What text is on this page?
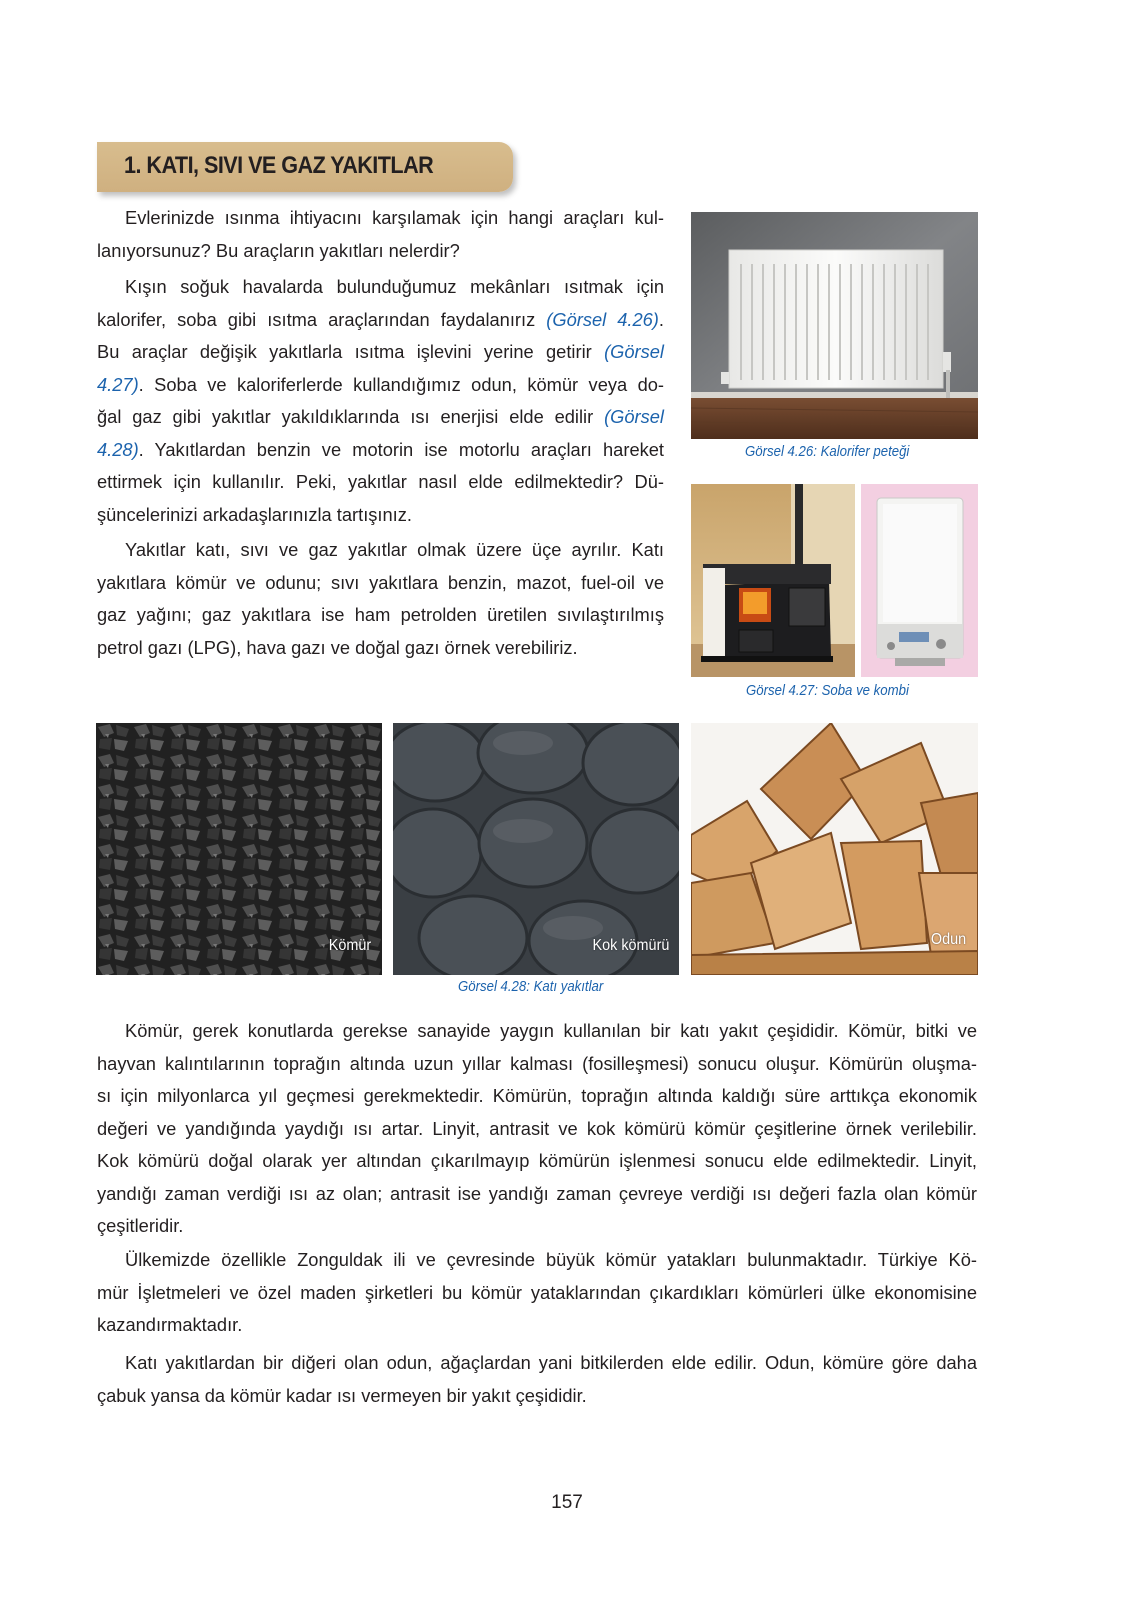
1. KATI, SIVI VE GAZ YAKITLAR

Evlerinizde ısınma ihtiyacını karşılamak için hangi araçları kul-
lanıyorsunuz? Bu araçların yakıtları nelerdir?

Kışın soğuk havalarda bulunduğumuz mekânları ısıtmak için
kalorifer, soba gibi ısıtma araçlarından faydalanırız (Görsel 4.26).
Bu araçlar değişik yakıtlarla ısıtma işlevini yerine getirir (Görsel
4.27). Soba ve kaloriferlerde kullandığımız odun, kömür veya do-
ğal gaz gibi yakıtlar yakıldıklarında ısı enerjisi elde edilir (Görsel
4.28). Yakıtlardan benzin ve motorin ise motorlu araçları hareket
ettirmek için kullanılır. Peki, yakıtlar nasıl elde edilmektedir? Dü-
şüncelerinizi arkadaşlarınızla tartışınız.

Yakıtlar katı, sıvı ve gaz yakıtlar olmak üzere üçe ayrılır. Katı
yakıtlara kömür ve odunu; sıvı yakıtlara benzin, mazot, fuel-oil ve
gaz yağını; gaz yakıtlara ise ham petrolden üretilen sıvılaştırılmış
petrol gazı (LPG), hava gazı ve doğal gazı örnek verebiliriz.

Görsel 4.26: Kalorifer peteği
Görsel 4.27: Soba ve kombi
Kömür	Kok kömürü	Odun
Görsel 4.28: Katı yakıtlar

Kömür, gerek konutlarda gerekse sanayide yaygın kullanılan bir katı yakıt çeşididir. Kömür, bitki ve
hayvan kalıntılarının toprağın altında uzun yıllar kalması (fosilleşmesi) sonucu oluşur. Kömürün oluşma-
sı için milyonlarca yıl geçmesi gerekmektedir. Kömürün, toprağın altında kaldığı süre arttıkça ekonomik
değeri ve yandığında yaydığı ısı artar. Linyit, antrasit ve kok kömürü kömür çeşitlerine örnek verilebilir.
Kok kömürü doğal olarak yer altından çıkarılmayıp kömürün işlenmesi sonucu elde edilmektedir. Linyit,
yandığı zaman verdiği ısı az olan; antrasit ise yandığı zaman çevreye verdiği ısı değeri fazla olan kömür
çeşitleridir.

Ülkemizde özellikle Zonguldak ili ve çevresinde büyük kömür yatakları bulunmaktadır. Türkiye Kö-
mür İşletmeleri ve özel maden şirketleri bu kömür yataklarından çıkardıkları kömürleri ülke ekonomisine
kazandırmaktadır.

Katı yakıtlardan bir diğeri olan odun, ağaçlardan yani bitkilerden elde edilir. Odun, kömüre göre daha
çabuk yansa da kömür kadar ısı vermeyen bir yakıt çeşididir.

157
